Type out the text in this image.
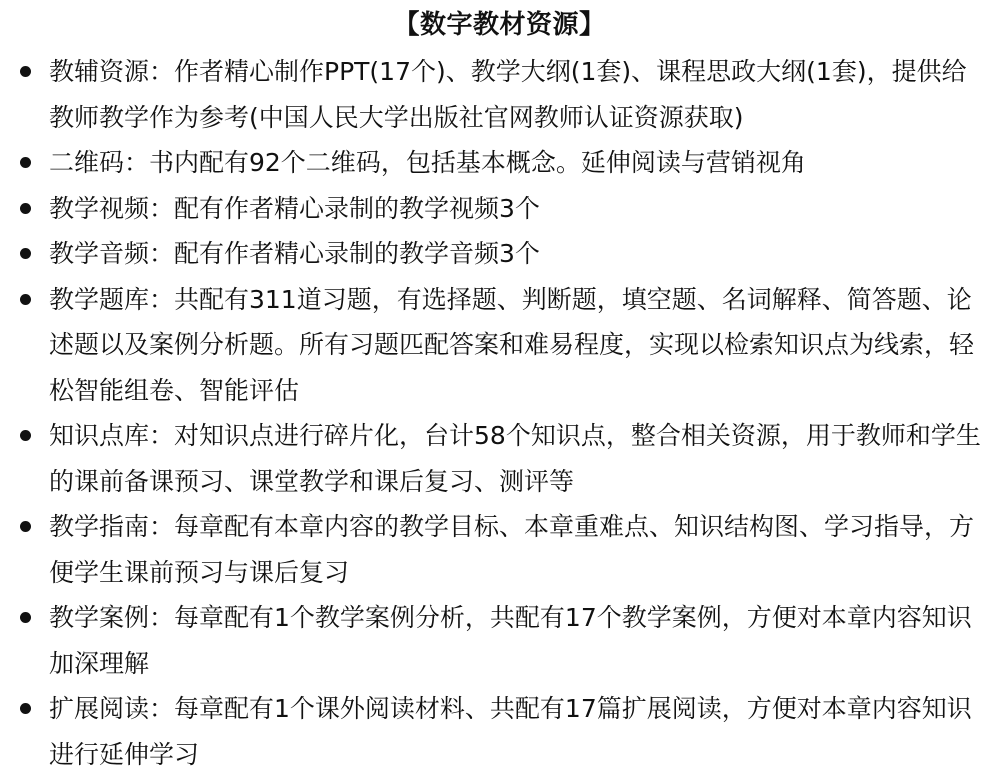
【数字教材资源】
教辅资源：作者精心制作PPT(17个)、教学大纲(1套)、课程思政大纲(1套)，提供给教师教学作为参考(中国人民大学出版社官网教师认证资源获取)
二维码：书内配有92个二维码，包括基本概念。延伸阅读与营销视角
教学视频：配有作者精心录制的教学视频3个
教学音频：配有作者精心录制的教学音频3个
教学题库：共配有311道习题，有选择题、判断题，填空题、名词解释、简答题、论述题以及案例分析题。所有习题匹配答案和难易程度，实现以检索知识点为线索，轻松智能组卷、智能评估
知识点库：对知识点进行碎片化，台计58个知识点，整合相关资源，用于教师和学生的课前备课预习、课堂教学和课后复习、测评等
教学指南：每章配有本章内容的教学目标、本章重难点、知识结构图、学习指导，方便学生课前预习与课后复习
教学案例：每章配有1个教学案例分析，共配有17个教学案例，方便对本章内容知识加深理解
扩展阅读：每章配有1个课外阅读材料、共配有17篇扩展阅读，方便对本章内容知识进行延伸学习
